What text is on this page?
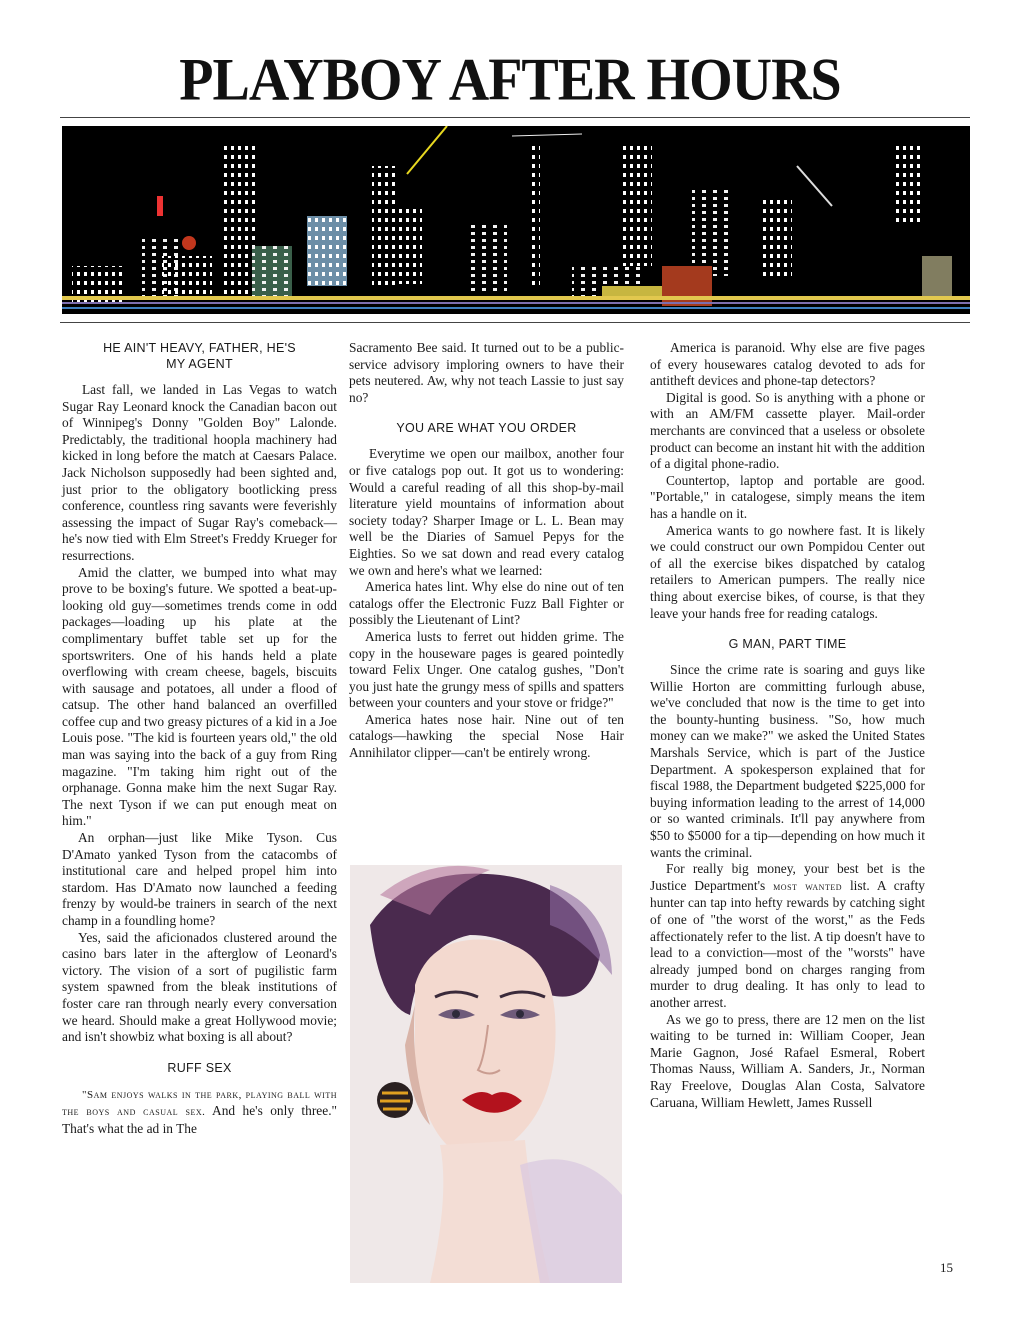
PLAYBOY AFTER HOURS
HE AIN'T HEAVY, FATHER, HE'S MY AGENT

Last fall, we landed in Las Vegas to watch Sugar Ray Leonard knock the Canadian bacon out of Winnipeg's Donny "Golden Boy" Lalonde. Predictably, the traditional hoopla machinery had kicked in long before the match at Caesars Palace. Jack Nicholson supposedly had been sighted and, just prior to the obligatory bootlicking press conference, countless ring savants were feverishly assessing the impact of Sugar Ray's comeback—he's now tied with Elm Street's Freddy Krueger for resurrections.

Amid the clatter, we bumped into what may prove to be boxing's future. We spotted a beat-up-looking old guy—sometimes trends come in odd packages—loading up his plate at the complimentary buffet table set up for the sportswriters. One of his hands held a plate overflowing with cream cheese, bagels, biscuits with sausage and potatoes, all under a flood of catsup. The other hand balanced an overfilled coffee cup and two greasy pictures of a kid in a Joe Louis pose. "The kid is fourteen years old," the old man was saying into the back of a guy from Ring magazine. "I'm taking him right out of the orphanage. Gonna make him the next Sugar Ray. The next Tyson if we can put enough meat on him."

An orphan—just like Mike Tyson. Cus D'Amato yanked Tyson from the catacombs of institutional care and helped propel him into stardom. Has D'Amato now launched a feeding frenzy by would-be trainers in search of the next champ in a foundling home?

Yes, said the aficionados clustered around the casino bars later in the afterglow of Leonard's victory. The vision of a sort of pugilistic farm system spawned from the bleak institutions of foster care ran through nearly every conversation we heard. Should make a great Hollywood movie; and isn't showbiz what boxing is all about?

RUFF SEX

"Sam enjoys walks in the park, playing ball with the boys and casual sex. And he's only three." That's what the ad in The

Sacramento Bee said. It turned out to be a public-service advisory imploring owners to have their pets neutered. Aw, why not teach Lassie to just say no?

YOU ARE WHAT YOU ORDER

Everytime we open our mailbox, another four or five catalogs pop out. It got us to wondering: Would a careful reading of all this shop-by-mail literature yield mountains of information about society today? Sharper Image or L. L. Bean may well be the Diaries of Samuel Pepys for the Eighties. So we sat down and read every catalog we own and here's what we learned:

America hates lint. Why else do nine out of ten catalogs offer the Electronic Fuzz Ball Fighter or possibly the Lieutenant of Lint?

America lusts to ferret out hidden grime. The copy in the houseware pages is geared pointedly toward Felix Unger. One catalog gushes, "Don't you just hate the grungy mess of spills and spatters between your counters and your stove or fridge?"

America hates nose hair. Nine out of ten catalogs—hawking the special Nose Hair Annihilator clipper—can't be entirely wrong.

America is paranoid. Why else are five pages of every housewares catalog devoted to ads for antitheft devices and phone-tap detectors?

Digital is good. So is anything with a phone or with an AM/FM cassette player. Mail-order merchants are convinced that a useless or obsolete product can become an instant hit with the addition of a digital phone-radio.

Countertop, laptop and portable are good. "Portable," in catalogese, simply means the item has a handle on it.

America wants to go nowhere fast. It is likely we could construct our own Pompidou Center out of all the exercise bikes dispatched by catalog retailers to American pumpers. The really nice thing about exercise bikes, of course, is that they leave your hands free for reading catalogs.

G MAN, PART TIME

Since the crime rate is soaring and guys like Willie Horton are committing furlough abuse, we've concluded that now is the time to get into the bounty-hunting business. "So, how much money can we make?" we asked the United States Marshals Service, which is part of the Justice Department. A spokesperson explained that for fiscal 1988, the Department budgeted $225,000 for buying information leading to the arrest of 14,000 or so wanted criminals. It'll pay anywhere from $50 to $5000 for a tip—depending on how much it wants the criminal.

For really big money, your best bet is the Justice Department's most wanted list. A crafty hunter can tap into hefty rewards by catching sight of one of "the worst of the worst," as the Feds affectionately refer to the list. A tip doesn't have to lead to a conviction—most of the "worsts" have already jumped bond on charges ranging from murder to drug dealing. It has only to lead to another arrest.

As we go to press, there are 12 men on the list waiting to be turned in: William Cooper, Jean Marie Gagnon, José Rafael Esmeral, Robert Thomas Nauss, William A. Sanders, Jr., Norman Ray Freelove, Douglas Alan Costa, Salvatore Caruana, William Hewlett, James Russell

15
